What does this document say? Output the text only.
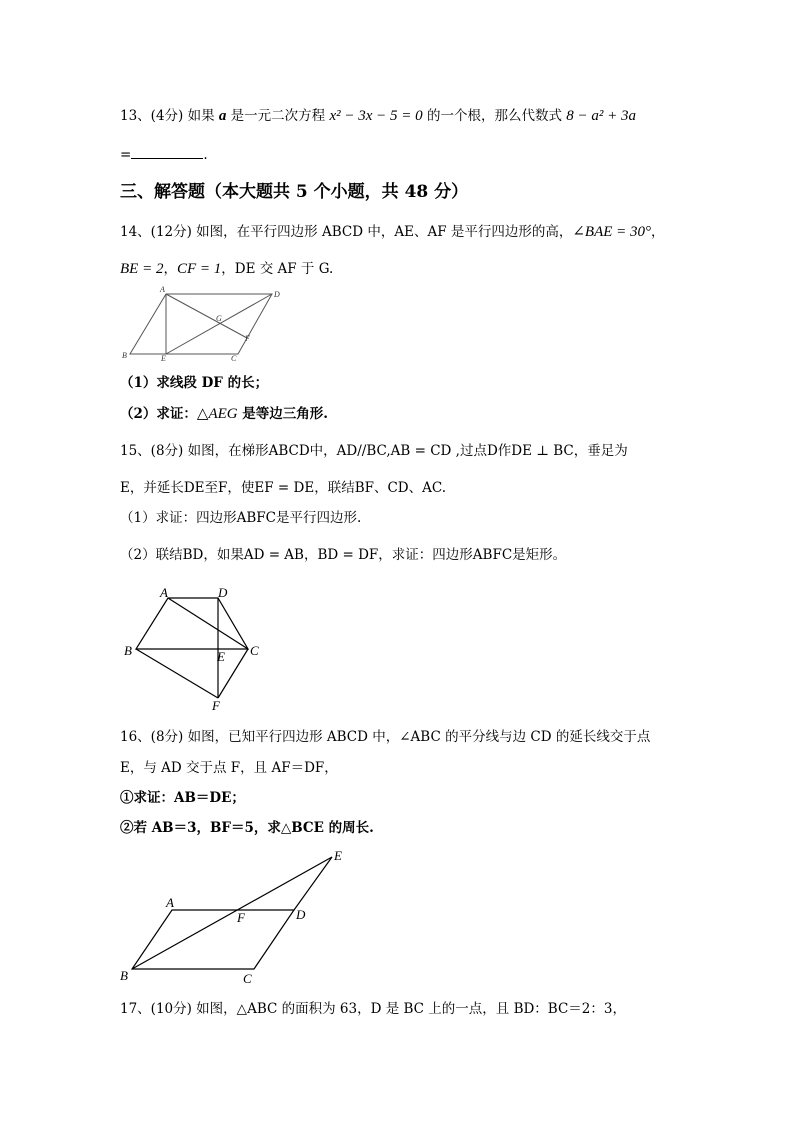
13、(4分) 如果 a 是一元二次方程 x² − 3x − 5 = 0 的一个根，那么代数式 8 − a² + 3a
=	.
三、解答题（本大题共 5 个小题，共 48 分）
14、(12分) 如图，在平行四边形 ABCD 中，AE、AF 是平行四边形的高，∠BAE = 30°，
BE = 2，CF = 1，DE 交 AF 于 G.
A
D
B	E	C
G
F
（1）求线段 DF 的长；
（2）求证：△AEG 是等边三角形.
15、(8分) 如图，在梯形ABCD中，AD//BC,AB = CD ,过点D作DE ⊥ BC，垂足为
E，并延长DE至F，使EF = DE，联结BF、CD、AC.
（1）求证：四边形ABFC是平行四边形.
（2）联结BD，如果AD = AB，BD = DF，求证：四边形ABFC是矩形。
A	D
B	C
E
F
16、(8分) 如图，已知平行四边形 ABCD 中，∠ABC 的平分线与边 CD 的延长线交于点
E，与 AD 交于点 F，且 AF＝DF，
①求证：AB＝DE；
②若 AB＝3，BF＝5，求△BCE 的周长.
E
A
D
F
B	C
17、(10分) 如图，△ABC 的面积为 63，D 是 BC 上的一点，且 BD：BC＝2：3，
